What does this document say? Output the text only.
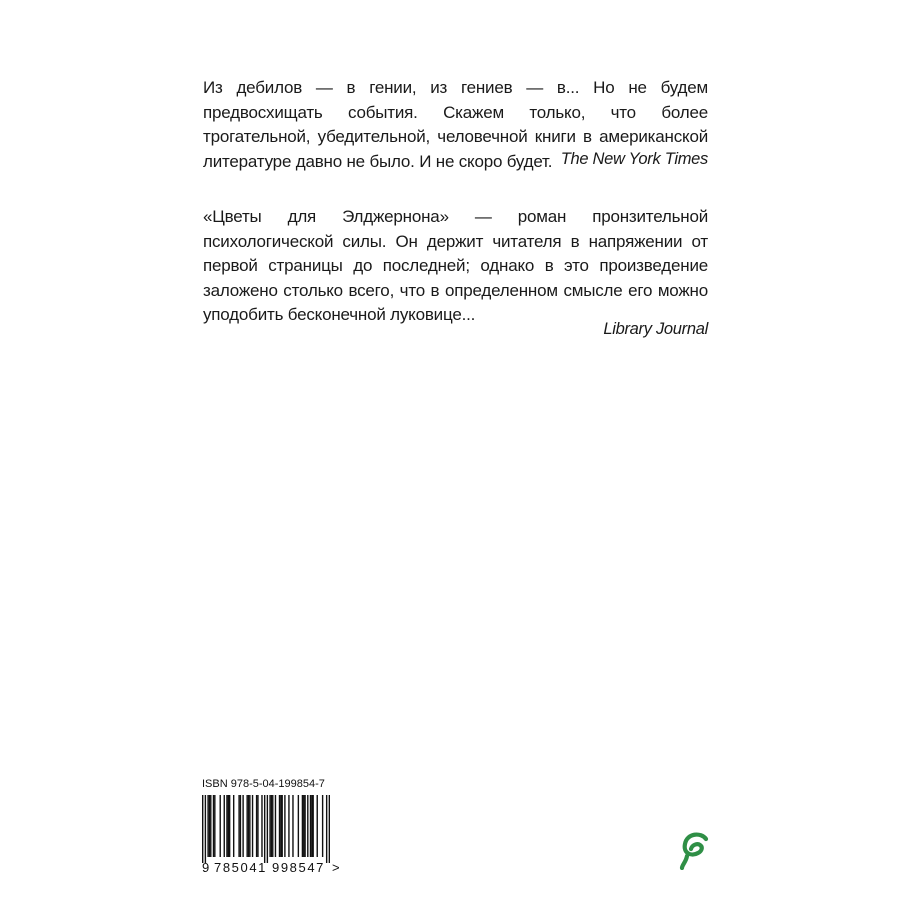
Из дебилов — в гении, из гениев — в... Но не будем предвосхищать события. Скажем только, что более трогательной, убедительной, человечной книги в американской литературе давно не было. И не скоро будет. The New York Times

«Цветы для Элджернона» — роман пронзительной психологической силы. Он держит читателя в напряжении от первой страницы до последней; однако в это произведение заложено столько всего, что в определенном смысле его можно уподобить бесконечной луковице...

Library Journal
ISBN 978-5-04-199854-7
9 785041 998547 >
